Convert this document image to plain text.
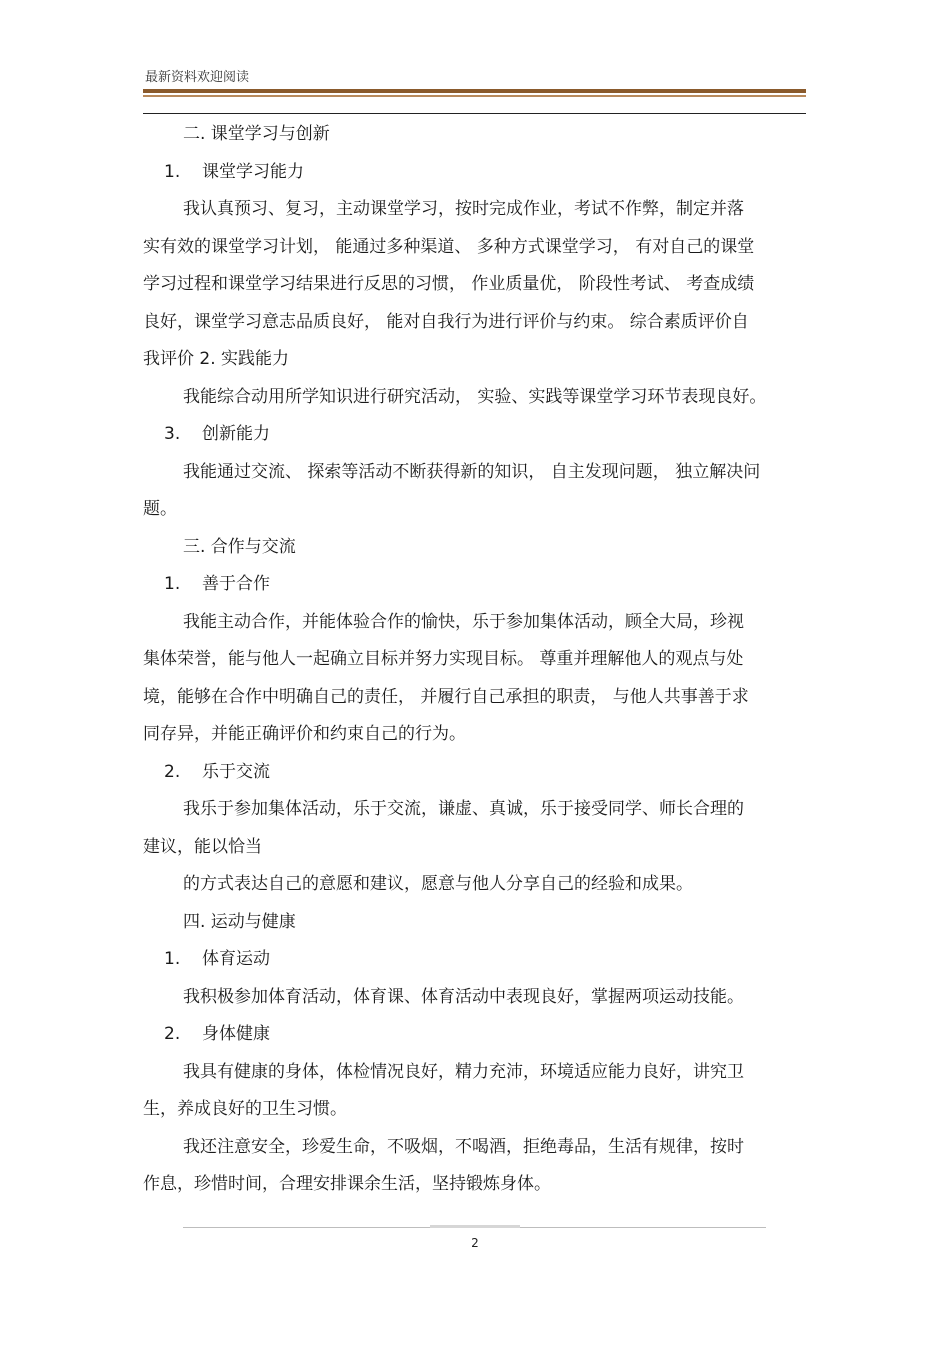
最新资料欢迎阅读
二. 课堂学习与创新
1. 课堂学习能力
我认真预习、复习，主动课堂学习，按时完成作业，考试不作弊，制定并落
实有效的课堂学习计划， 能通过多种渠道、 多种方式课堂学习， 有对自己的课堂
学习过程和课堂学习结果进行反思的习惯， 作业质量优， 阶段性考试、 考查成绩
良好，课堂学习意志品质良好， 能对自我行为进行评价与约束。 综合素质评价自
我评价 2. 实践能力
我能综合动用所学知识进行研究活动， 实验、实践等课堂学习环节表现良好。
3. 创新能力
我能通过交流、 探索等活动不断获得新的知识， 自主发现问题， 独立解决问
题。
三. 合作与交流
1. 善于合作
我能主动合作，并能体验合作的愉快，乐于参加集体活动，顾全大局，珍视
集体荣誉，能与他人一起确立目标并努力实现目标。 尊重并理解他人的观点与处
境，能够在合作中明确自己的责任， 并履行自己承担的职责， 与他人共事善于求
同存异，并能正确评价和约束自己的行为。
2. 乐于交流
我乐于参加集体活动，乐于交流，谦虚、真诚，乐于接受同学、师长合理的
建议，能以恰当
的方式表达自己的意愿和建议，愿意与他人分享自己的经验和成果。
四. 运动与健康
1. 体育运动
我积极参加体育活动，体育课、体育活动中表现良好，掌握两项运动技能。
2. 身体健康
我具有健康的身体，体检情况良好，精力充沛，环境适应能力良好，讲究卫
生，养成良好的卫生习惯。
我还注意安全，珍爱生命，不吸烟，不喝酒，拒绝毒品，生活有规律，按时
作息，珍惜时间，合理安排课余生活，坚持锻炼身体。
2
